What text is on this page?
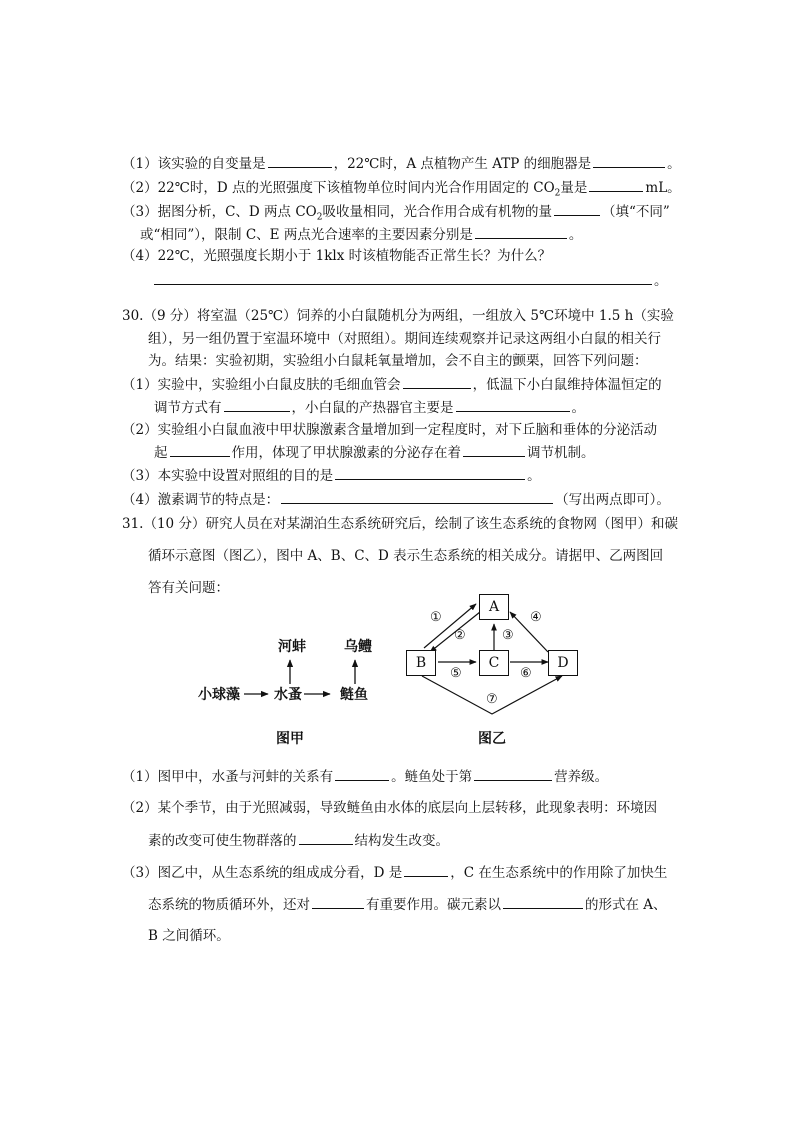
（1）该实验的自变量是	，22℃时，A 点植物产生 ATP 的细胞器是	。
（2）22℃时，D 点的光照强度下该植物单位时间内光合作用固定的 $CO_2$量是	mL。
（3）据图分析，C、D 两点 $CO_2$吸收量相同，光合作用合成有机物的量	（填“不同”
或“相同”），限制 C、E 两点光合速率的主要因素分别是	。
（4）22℃，光照强度长期小于 1klx 时该植物能否正常生长？为什么？
。
30.（9 分）将室温（25℃）饲养的小白鼠随机分为两组，一组放入 5℃环境中 1.5 h（实验
组），另一组仍置于室温环境中（对照组）。期间连续观察并记录这两组小白鼠的相关行
为。结果：实验初期，实验组小白鼠耗氧量增加，会不自主的颤栗，回答下列问题：
（1）实验中，实验组小白鼠皮肤的毛细血管会	，低温下小白鼠维持体温恒定的
调节方式有	，小白鼠的产热器官主要是	。
（2）实验组小白鼠血液中甲状腺激素含量增加到一定程度时，对下丘脑和垂体的分泌活动
起	作用，体现了甲状腺激素的分泌存在着	调节机制。
（3）本实验中设置对照组的目的是	。
（4）激素调节的特点是：	（写出两点即可）。
31.（10 分）研究人员在对某湖泊生态系统研究后，绘制了该生态系统的食物网（图甲）和碳
循环示意图（图乙），图中 A、B、C、D 表示生态系统的相关成分。请据甲、乙两图回
答有关问题：
河蚌	乌鳢
小球藻 水蚤	鲢鱼
图甲
A
B	C	D
①
②	③
④
⑤	⑥
⑦
图乙
（1）图甲中，水蚤与河蚌的关系有	。鲢鱼处于第	营养级。
（2）某个季节，由于光照减弱，导致鲢鱼由水体的底层向上层转移，此现象表明：环境因
素的改变可使生物群落的	结构发生改变。
（3）图乙中，从生态系统的组成成分看，D 是	，C 在生态系统中的作用除了加快生
态系统的物质循环外，还对	有重要作用。碳元素以	的形式在 A、
B 之间循环。
